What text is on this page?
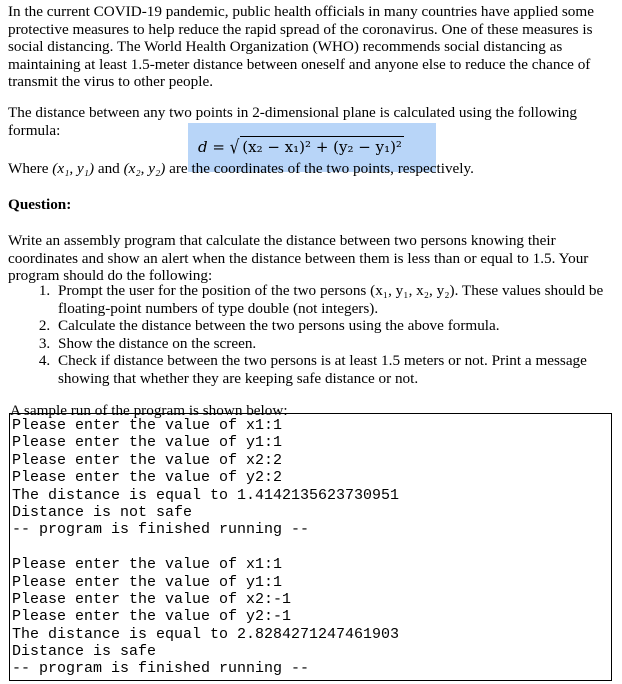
In the current COVID-19 pandemic, public health officials in many countries have applied some protective measures to help reduce the rapid spread of the coronavirus. One of these measures is social distancing. The World Health Organization (WHO) recommends social distancing as maintaining at least 1.5-meter distance between oneself and anyone else to reduce the chance of transmit the virus to other people.

The distance between any two points in 2-dimensional plane is calculated using the following formula:

d = √ (x₂ − x₁)² + (y₂ − y₁)²

Where (x₁, y₁) and (x₂, y₂) are the coordinates of the two points, respectively.

Question:

Write an assembly program that calculate the distance between two persons knowing their coordinates and show an alert when the distance between them is less than or equal to 1.5. Your program should do the following:

1. Prompt the user for the position of the two persons (x₁, y₁, x₂, y₂). These values should be floating-point numbers of type double (not integers).
2. Calculate the distance between the two persons using the above formula.
3. Show the distance on the screen.
4. Check if distance between the two persons is at least 1.5 meters or not. Print a message showing that whether they are keeping safe distance or not.

A sample run of the program is shown below:

Please enter the value of x1:1
Please enter the value of y1:1
Please enter the value of x2:2
Please enter the value of y2:2
The distance is equal to 1.4142135623730951
Distance is not safe
-- program is finished running --
Please enter the value of x1:1
Please enter the value of y1:1
Please enter the value of x2:-1
Please enter the value of y2:-1
The distance is equal to 2.8284271247461903
Distance is safe
-- program is finished running --
